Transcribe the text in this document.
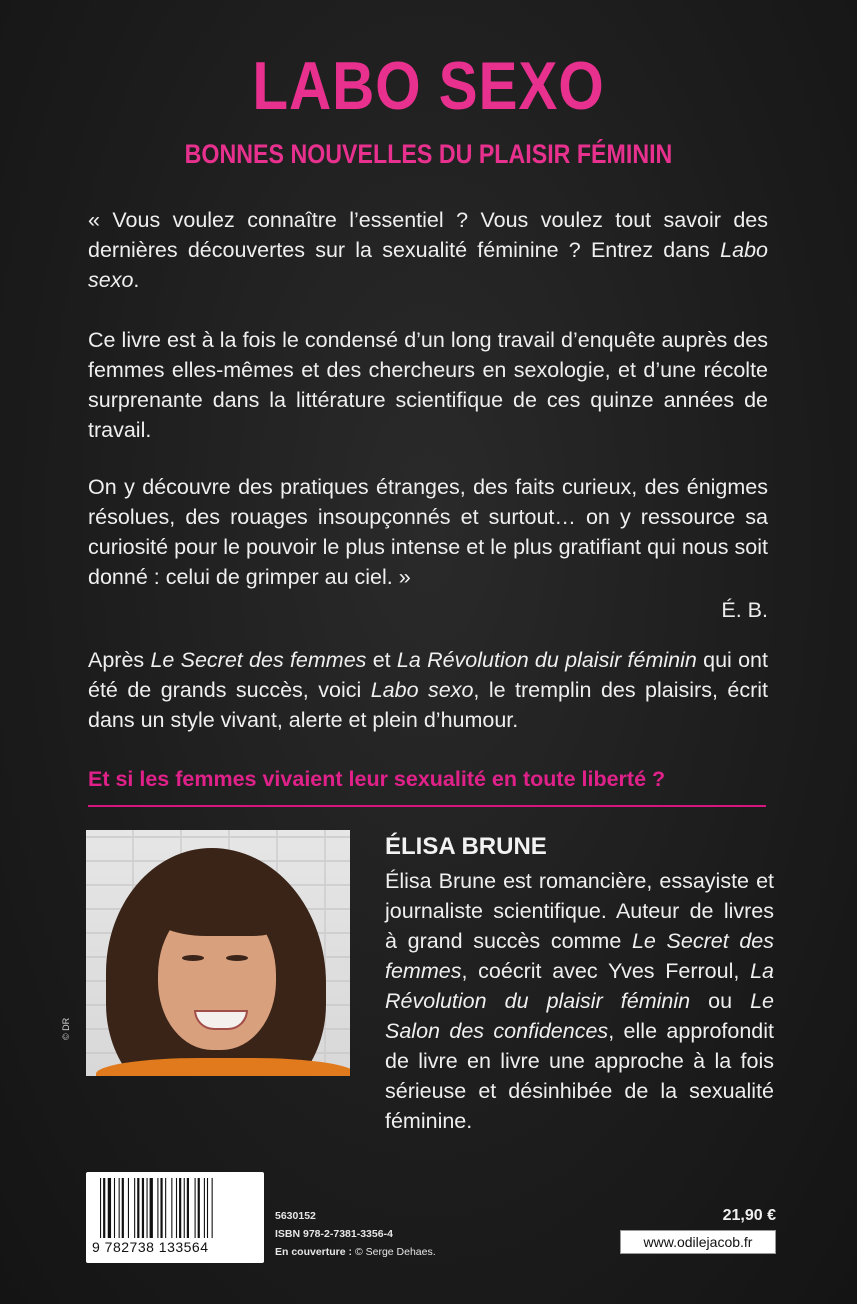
LABO SEXO
BONNES NOUVELLES DU PLAISIR FÉMININ
« Vous voulez connaître l’essentiel ? Vous voulez tout savoir des dernières découvertes sur la sexualité féminine ? Entrez dans Labo sexo.
Ce livre est à la fois le condensé d’un long travail d’enquête auprès des femmes elles-mêmes et des chercheurs en sexologie, et d’une récolte surprenante dans la littérature scientifique de ces quinze années de travail.
On y découvre des pratiques étranges, des faits curieux, des énigmes résolues, des rouages insoupçonnés et surtout… on y ressource sa curiosité pour le pouvoir le plus intense et le plus gratifiant qui nous soit donné : celui de grimper au ciel. »
É. B.
Après Le Secret des femmes et La Révolution du plaisir féminin qui ont été de grands succès, voici Labo sexo, le tremplin des plaisirs, écrit dans un style vivant, alerte et plein d’humour.
Et si les femmes vivaient leur sexualité en toute liberté ?
© DR
ÉLISA BRUNE
Élisa Brune est romancière, essayiste et journaliste scientifique. Auteur de livres à grand succès comme Le Secret des femmes, coécrit avec Yves Ferroul, La Révolution du plaisir féminin ou Le Salon des confidences, elle approfondit de livre en livre une approche à la fois sérieuse et désinhibée de la sexualité féminine.
9 782738 133564
5630152
ISBN 978-2-7381-3356-4
En couverture : © Serge Dehaes.
21,90 €
www.odilejacob.fr
